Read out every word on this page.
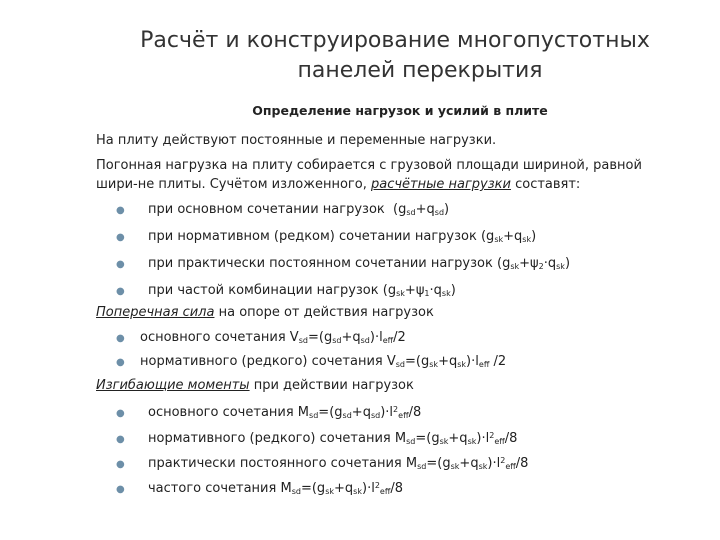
Расчёт и конструирование многопустотных
панелей перекрытия
Определение нагрузок и усилий в плите
На плиту действуют постоянные и переменные нагрузки.
Погонная нагрузка на плиту собирается с грузовой площади шириной, равной
шири-не плиты. Сучётом изложенного, расчётные нагрузки составят:
● при основном сочетании нагрузок  $(g_{sd}+q_{sd})$
● при нормативном (редком) сочетании нагрузок $(g_{sk}+q_{sk})$
● при практически постоянном сочетании нагрузок $(g_{sk}+\psi_2\cdot q_{sk})$
● при частой комбинации нагрузок $(g_{sk}+\psi_1\cdot q_{sk})$
Поперечная сила на опоре от действия нагрузок
● основного сочетания $V_{sd}=(g_{sd}+q_{sd})\cdot l_{eff}/2$
● нормативного (редкого) сочетания $V_{sd}=(g_{sk}+q_{sk})\cdot l_{eff}$ /2
Изгибающие моменты при действии нагрузок
● основного сочетания $M_{sd}=(g_{sd}+q_{sd})\cdot l^2_{eff}/8$
● нормативного (редкого) сочетания $M_{sd}=(g_{sk}+q_{sk})\cdot l^2_{eff}/8$
● практически постоянного сочетания $M_{sd}=(g_{sk}+q_{sk})\cdot l^2_{eff}/8$
● частого сочетания $M_{sd}=(g_{sk}+q_{sk})\cdot l^2_{eff}/8$
